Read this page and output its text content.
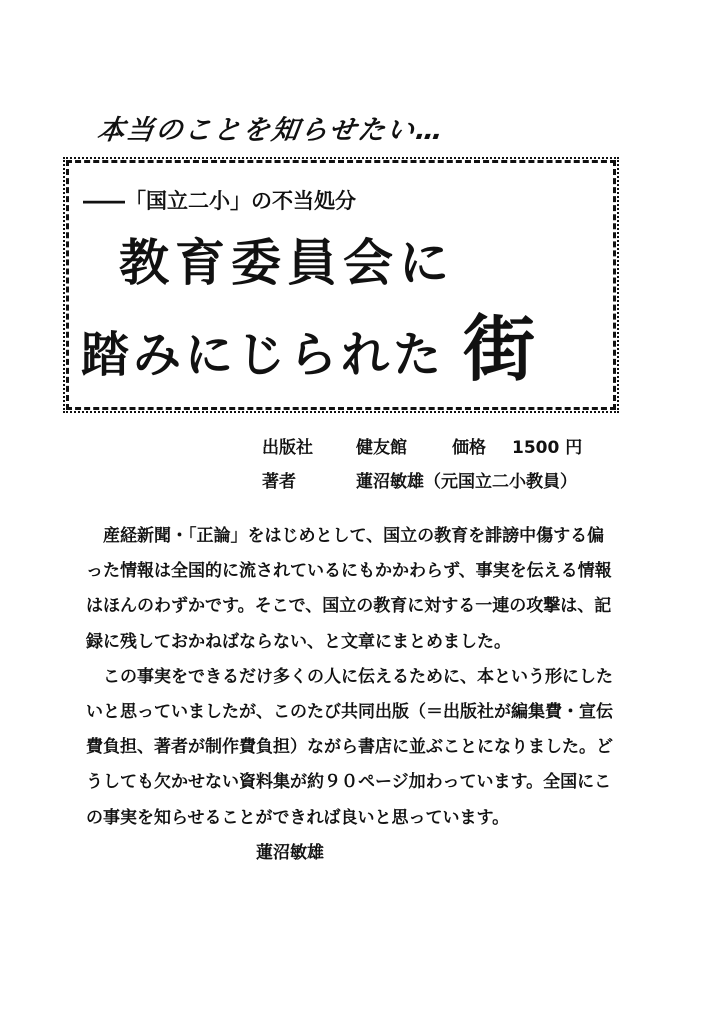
本当のことを知らせたい…
――「国立二小」の不当処分
教育委員会に
踏みにじられた 街
出版社	健友館	価格	1500 円
著者	蓮沼敏雄（元国立二小教員）

産経新聞・「正論」をはじめとして、国立の教育を誹謗中傷する偏った情報は全国的に流されているにもかかわらず、事実を伝える情報はほんのわずかです。そこで、国立の教育に対する一連の攻撃は、記録に残しておかねばならない、と文章にまとめました。

この事実をできるだけ多くの人に伝えるために、本という形にしたいと思っていましたが、このたび共同出版（＝出版社が編集費・宣伝費負担、著者が制作費負担）ながら書店に並ぶことになりました。どうしても欠かせない資料集が約９０ページ加わっています。全国にこの事実を知らせることができれば良いと思っています。蓮沼敏雄
